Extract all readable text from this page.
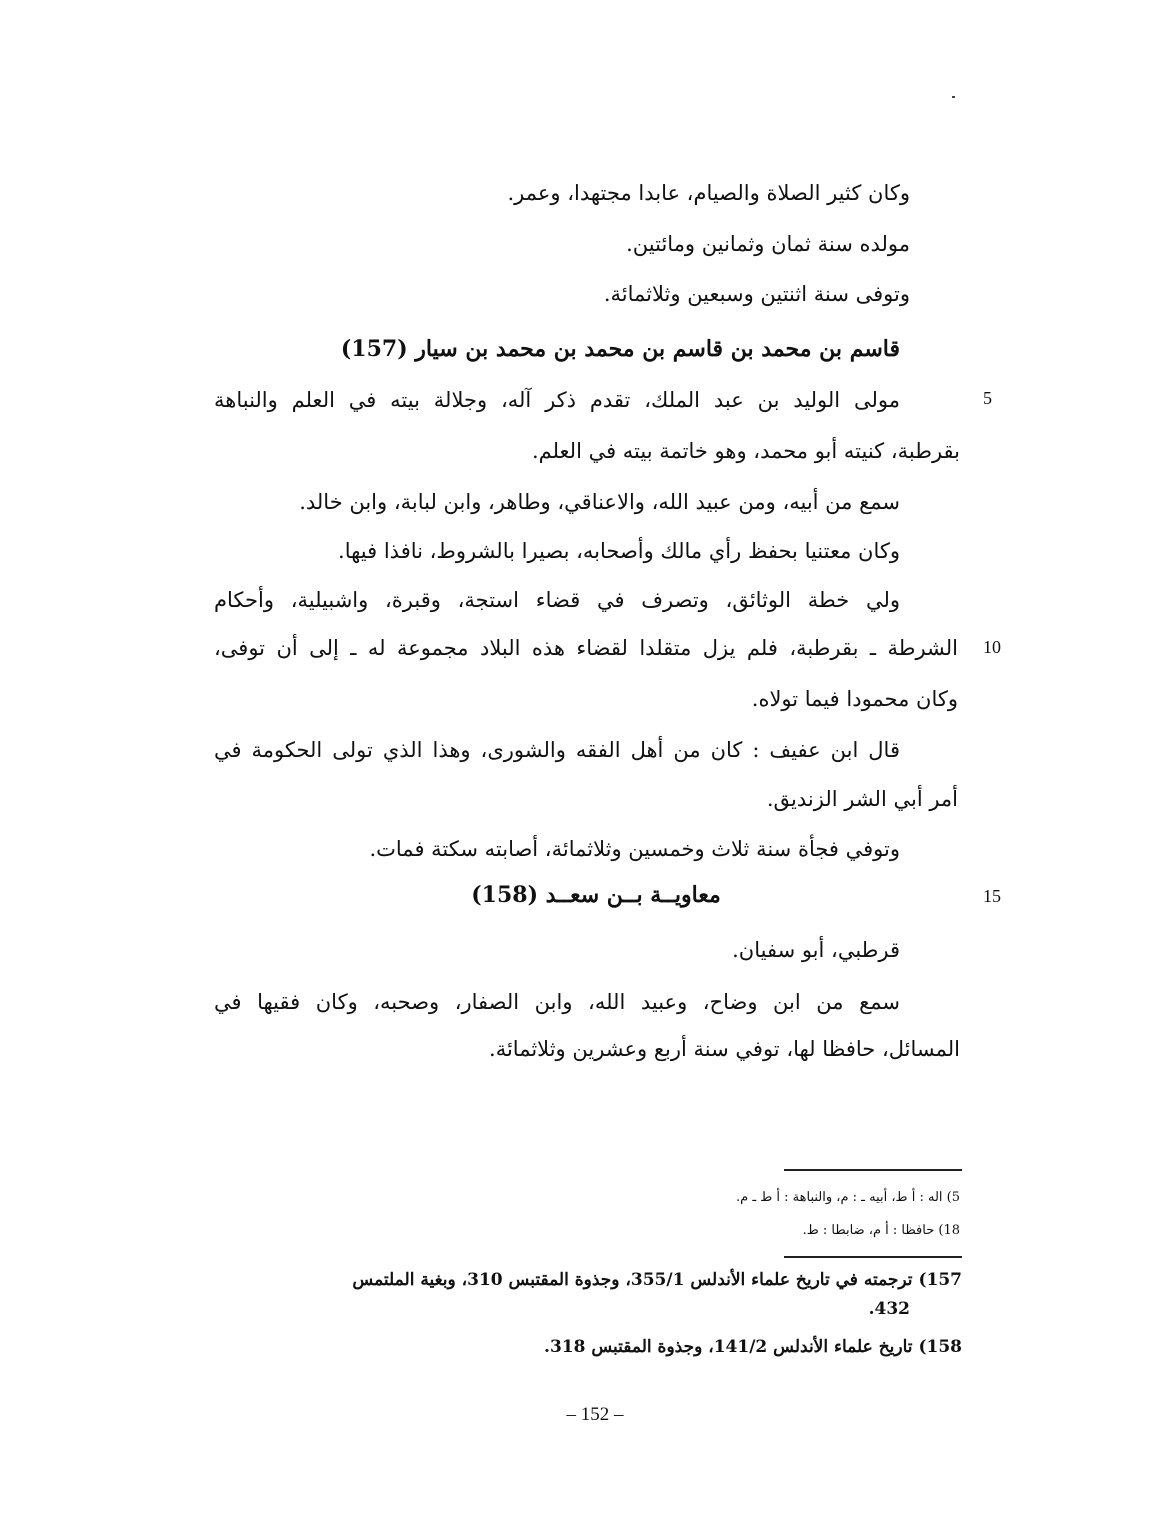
وكان كثير الصلاة والصيام، عابدا مجتهدا، وعمر.
مولده سنة ثمان وثمانين ومائتين.
وتوفى سنة اثنتين وسبعين وثلاثمائة.
قاسم بن محمد بن قاسم بن محمد بن محمد بن سيار (157)
مولى الوليد بن عبد الملك، تقدم ذكر آله، وجلالة بيته في العلم والنباهة	5
بقرطبة، كنيته أبو محمد، وهو خاتمة بيته في العلم.
سمع من أبيه، ومن عبيد الله، والاعناقي، وطاهر، وابن لبابة، وابن خالد.
وكان معتنيا بحفظ رأي مالك وأصحابه، بصيرا بالشروط، نافذا فيها.
ولي خطة الوثائق، وتصرف في قضاء استجة، وقبرة، واشبيلية، وأحكام
الشرطة ـ بقرطبة، فلم يزل متقلدا لقضاء هذه البلاد مجموعة له ـ إلى أن توفى، 10
وكان محمودا فيما تولاه.
قال ابن عفيف : كان من أهل الفقه والشورى، وهذا الذي تولى الحكومة في
أمر أبي الشر الزنديق.
وتوفي فجأة سنة ثلاث وخمسين وثلاثمائة، أصابته سكتة فمات.
معاويــة بــن سعــد (158)	15
قرطبي، أبو سفيان.
سمع من ابن وضاح، وعبيد الله، وابن الصفار، وصحبه، وكان فقيها في
المسائل، حافظا لها، توفي سنة أربع وعشرين وثلاثمائة.
5) اله : أ ط، أبيه ـ : م، والنباهة : أ ط ـ م.
18) حافظا : أ م، ضابطا : ط.
157) ترجمته في تاريخ علماء الأندلس 355/1، وجذوة المقتبس 310، وبغية الملتمس
432.
158) تاريخ علماء الأندلس 141/2، وجذوة المقتبس 318.
– 152 –
